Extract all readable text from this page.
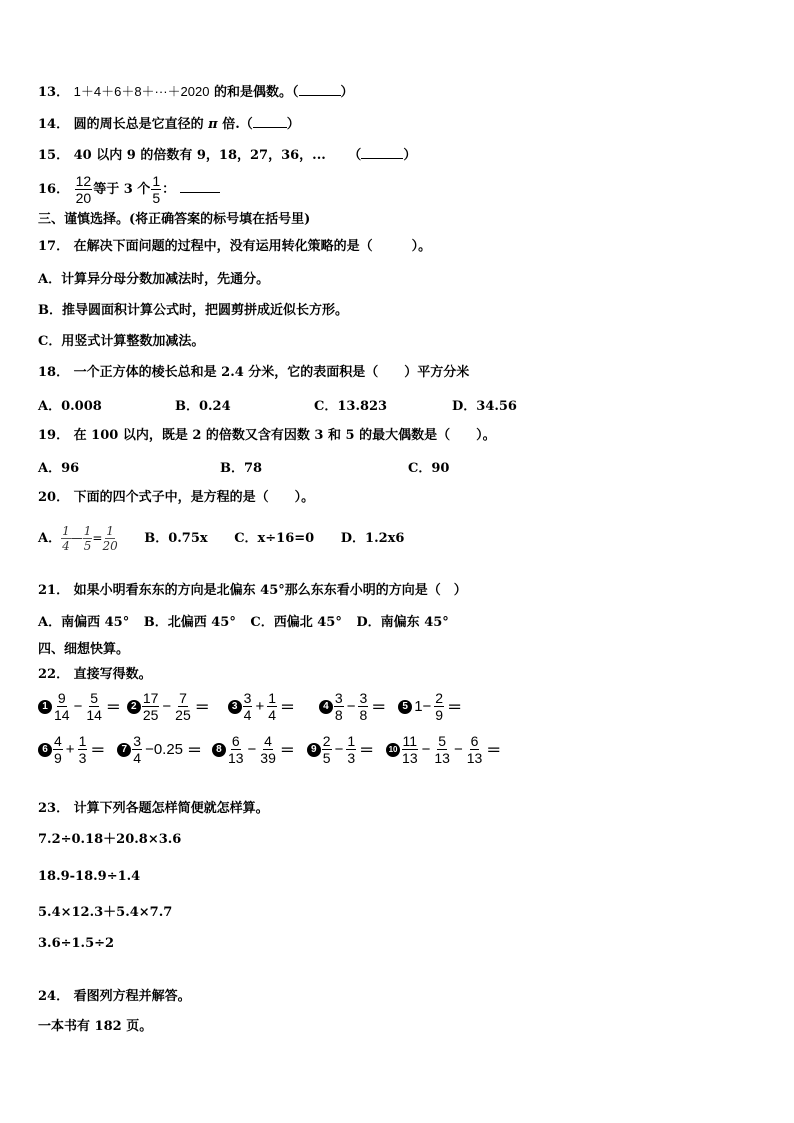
13． 1＋4＋6＋8＋···＋2020 的和是偶数。（	）
14． 圆的周长总是它直径的 π 倍.（	）
15． 40 以内 9 的倍数有 9，18，27，36，... （	）
16． $\frac{12}{20}$ 等于 3 个 $\frac{1}{5}$ ：
三、谨慎选择。(将正确答案的标号填在括号里)
17． 在解决下面问题的过程中，没有运用转化策略的是（　　　）。
A．计算异分母分数加减法时，先通分。
B．推导圆面积计算公式时，把圆剪拼成近似长方形。
C．用竖式计算整数加减法。
18． 一个正方体的棱长总和是 2.4 分米，它的表面积是（　　）平方分米
A．0.008	B．0.24	C．13.823	D．34.56
19． 在 100 以内，既是 2 的倍数又含有因数 3 和 5 的最大偶数是（　　）。
A．96	B．78	C．90
20． 下面的四个式子中，是方程的是（　　）。
A． $\frac{1}{4}$ — $\frac{1}{5} = \frac{1}{20}$ B．0.75x C．x÷16=0 D．1.2x6
21． 如果小明看东东的方向是北偏东 45°那么东东看小明的方向是（　）
A．南偏西 45° B．北偏西 45° C．西偏北 45° D．南偏东 45°
四、细想快算。
22． 直接写得数。
$1 \frac{9}{14} - \frac{5}{14}$ ＝
	$2 \frac{17}{25} - \frac{7}{25}$ ＝
	$3 \frac{3}{4} + \frac{1}{4}$ ＝
	$4 \frac{3}{8} - \frac{3}{8}$ ＝
	5 $1- \frac{2}{9}$ ＝
$6 \frac{4}{9} + \frac{1}{3}$ ＝
	$7 \frac{3}{4} -0.25$ ＝
	$8 \frac{6}{13} - \frac{4}{39}$ ＝
	$9 \frac{2}{5} - \frac{1}{3}$ ＝
	$10 \frac{11}{13} - \frac{5}{13} - \frac{6}{13}$ ＝
23． 计算下列各题怎样简便就怎样算。
7.2÷0.18＋20.8×3.6
18.9-18.9÷1.4
5.4×12.3＋5.4×7.7
3.6÷1.5÷2
24． 看图列方程并解答。
一本书有 182 页。
